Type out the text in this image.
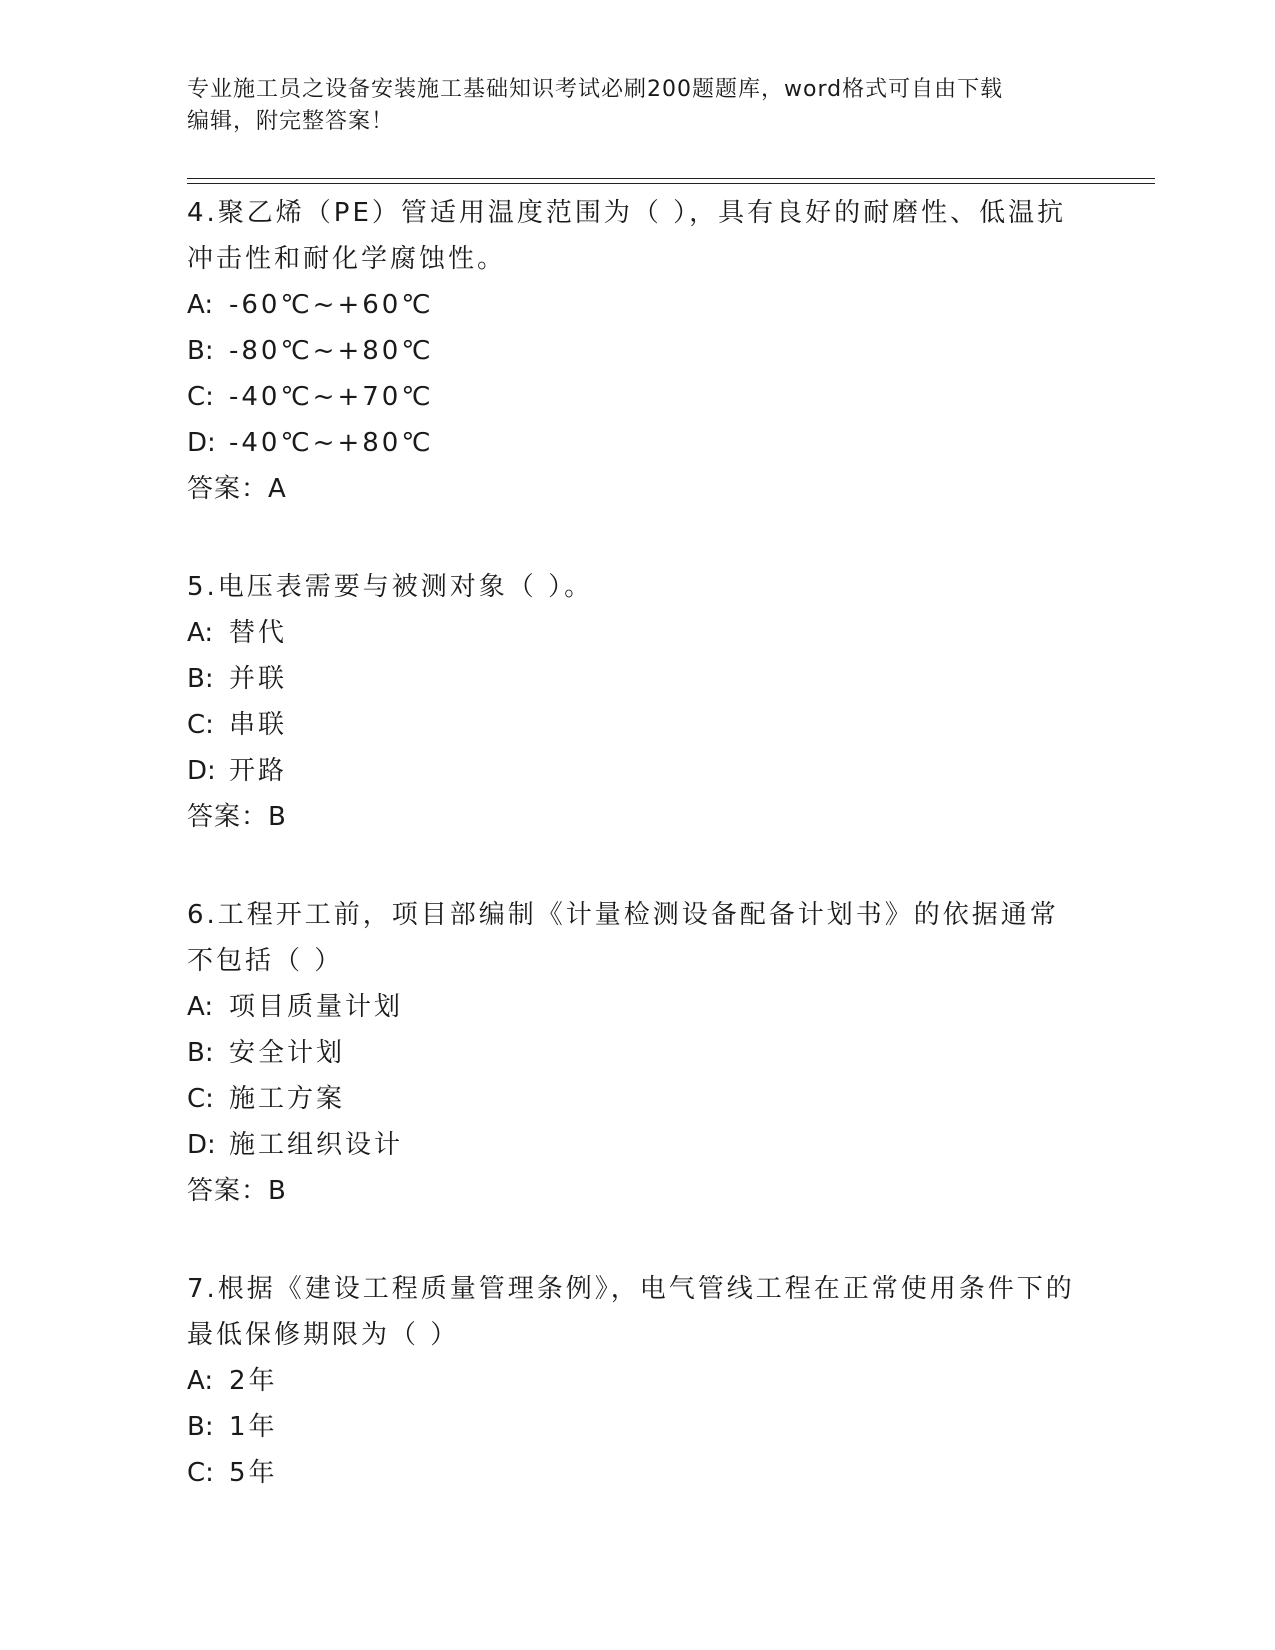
专业施工员之设备安装施工基础知识考试必刷200题题库，word格式可自由下载
编辑，附完整答案！
4.聚乙烯（PE）管适用温度范围为（ ），具有良好的耐磨性、低温抗冲击性和耐化学腐蚀性。
A: -60℃~+60℃
B: -80℃~+80℃
C: -40℃~+70℃
D: -40℃~+80℃
答案：A
5.电压表需要与被测对象（ ）。
A: 替代
B: 并联
C: 串联
D: 开路
答案：B
6.工程开工前，项目部编制《计量检测设备配备计划书》的依据通常不包括（ ）
A: 项目质量计划
B: 安全计划
C: 施工方案
D: 施工组织设计
答案：B
7.根据《建设工程质量管理条例》，电气管线工程在正常使用条件下的最低保修期限为（ ）
A: 2年
B: 1年
C: 5年
